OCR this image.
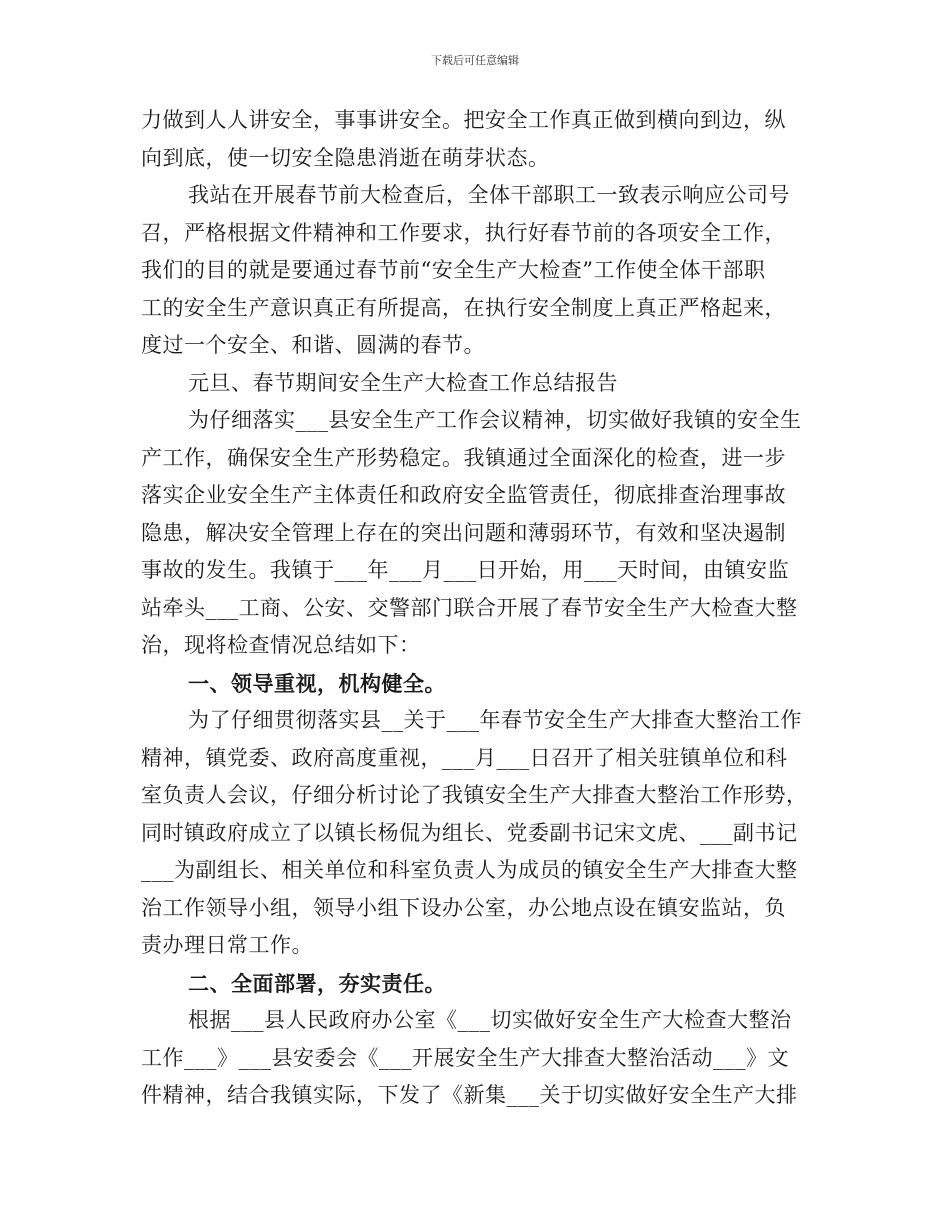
下载后可任意编辑
力做到人人讲安全，事事讲安全。把安全工作真正做到横向到边，纵
向到底，使一切安全隐患消逝在萌芽状态。
我站在开展春节前大检查后，全体干部职工一致表示响应公司号
召，严格根据文件精神和工作要求，执行好春节前的各项安全工作，
我们的目的就是要通过春节前“安全生产大检查”工作使全体干部职
工的安全生产意识真正有所提高，在执行安全制度上真正严格起来，
度过一个安全、和谐、圆满的春节。
元旦、春节期间安全生产大检查工作总结报告
为仔细落实___县安全生产工作会议精神，切实做好我镇的安全生
产工作，确保安全生产形势稳定。我镇通过全面深化的检查，进一步
落实企业安全生产主体责任和政府安全监管责任，彻底排查治理事故
隐患，解决安全管理上存在的突出问题和薄弱环节，有效和坚决遏制
事故的发生。我镇于___年___月___日开始，用___天时间，由镇安监
站牵头___工商、公安、交警部门联合开展了春节安全生产大检查大整
治，现将检查情况总结如下：
一、领导重视，机构健全。
为了仔细贯彻落实县__关于___年春节安全生产大排查大整治工作
精神，镇党委、政府高度重视，___月___日召开了相关驻镇单位和科
室负责人会议，仔细分析讨论了我镇安全生产大排查大整治工作形势，
同时镇政府成立了以镇长杨侃为组长、党委副书记宋文虎、___副书记
___为副组长、相关单位和科室负责人为成员的镇安全生产大排查大整
治工作领导小组，领导小组下设办公室，办公地点设在镇安监站，负
责办理日常工作。
二、全面部署，夯实责任。
根据___县人民政府办公室《___切实做好安全生产大检查大整治
工作___》___县安委会《___开展安全生产大排查大整治活动___》文
件精神，结合我镇实际，下发了《新集___关于切实做好安全生产大排
